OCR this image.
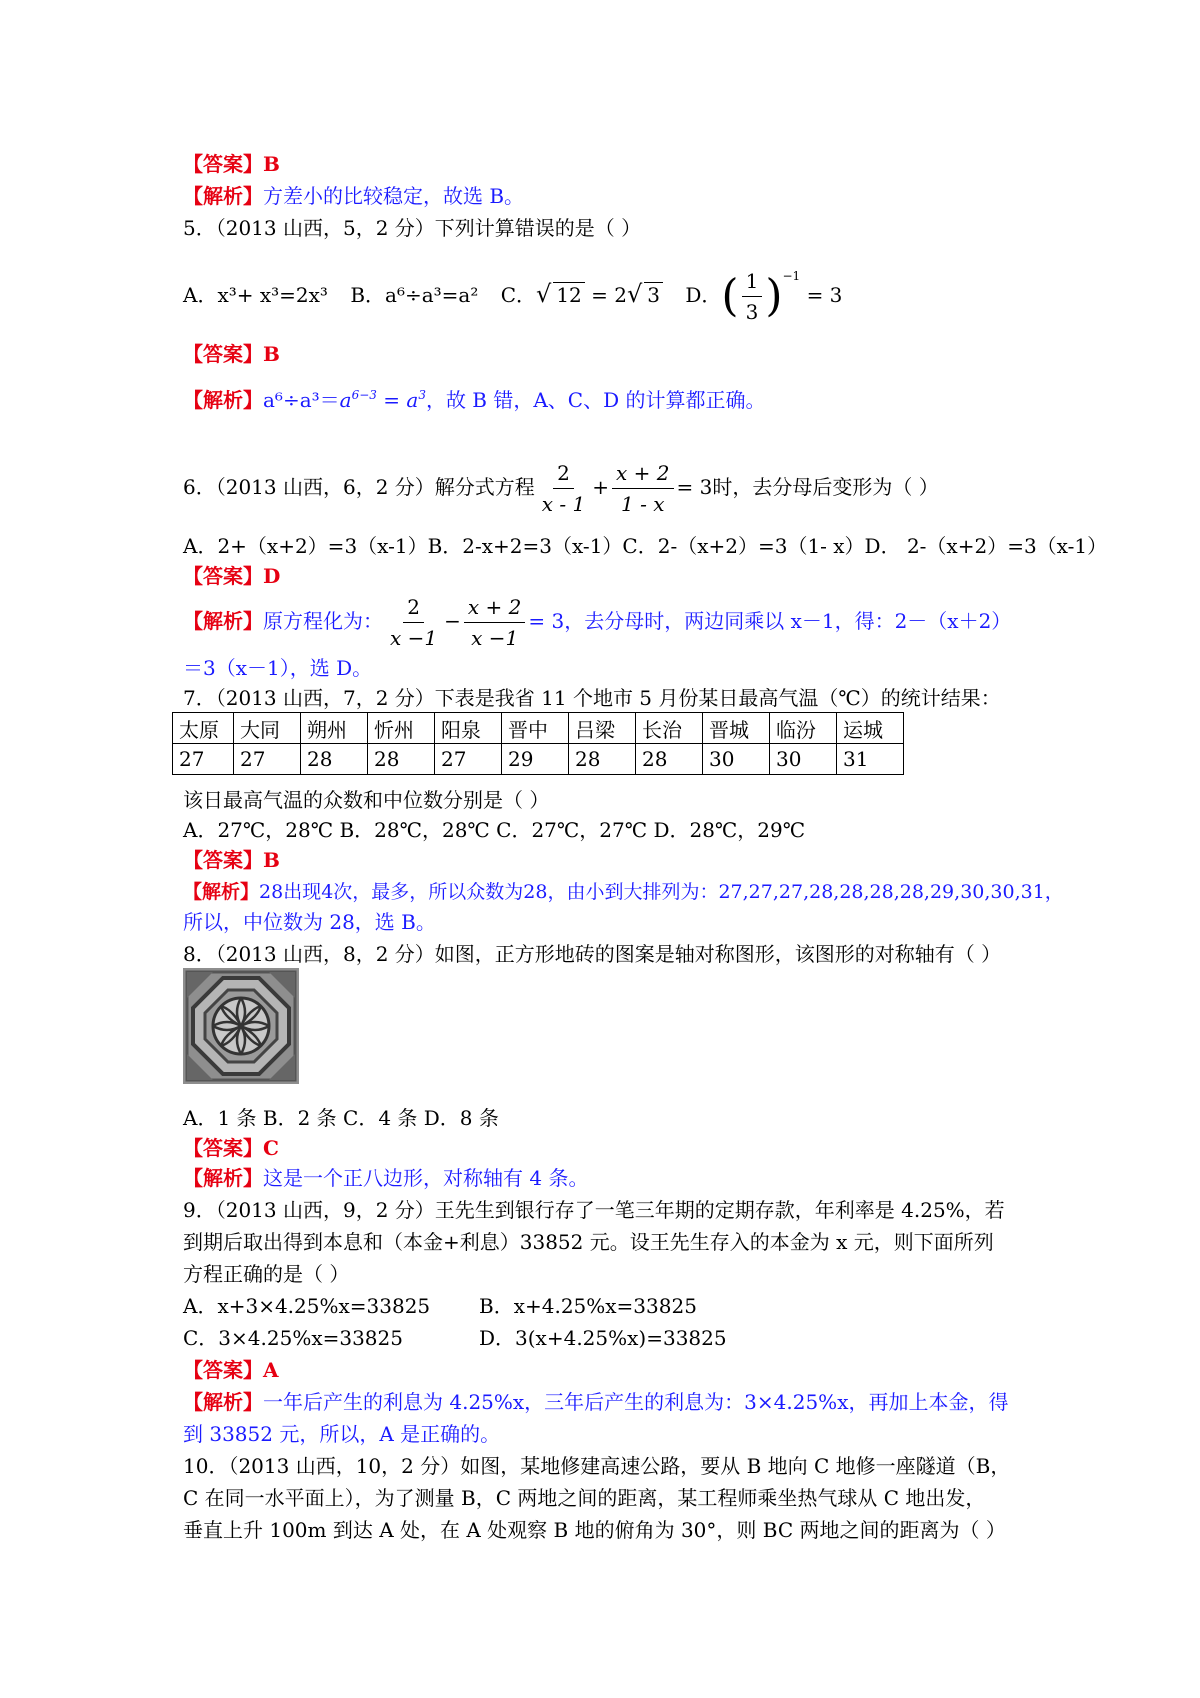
【答案】B
【解析】方差小的比较稳定，故选 B。
5．（2013 山西，5，2 分）下列计算错误的是（ ）
A．x³+ x³=2x³ B．a⁶÷a³=a² C．√ 12 = 2√ 3 D．( $\frac{1}{3} )^{-1} = 3$
【答案】B
【解析】$a^6\div a^3=a^{6-3} = a^3$，故 B 错，A、C、D 的计算都正确。
6．（2013 山西，6，2 分）解分式方程 $\frac{2}{x - 1} + \frac{x + 2}{1 - x} = 3$时，去分母后变形为（ ）
A．2+（x+2）=3（x-1）B．2-x+2=3（x-1）C．2-（x+2）=3（1- x）D． 2-（x+2）=3（x-1）
【答案】D
【解析】原方程化为： $\frac{2}{x -1} - \frac{x + 2}{x -1} = 3$，去分母时，两边同乘以 x－1，得：2－（x＋2）
＝3（x－1），选 D。
7．（2013 山西，7，2 分）下表是我省 11 个地市 5 月份某日最高气温（℃）的统计结果：
太原	大同	朔州	忻州	阳泉	晋中	吕梁	长治	晋城	临汾	运城
27	27	28	28	27	29	28	28	30	30	31
该日最高气温的众数和中位数分别是（ ）
A．27℃，28℃ B．28℃，28℃ C．27℃，27℃ D．28℃，29℃
【答案】B
【解析】28出现4次，最多，所以众数为28，由小到大排列为：27,27,27,28,28,28,28,29,30,30,31，
所以，中位数为 28，选 B。
8．（2013 山西，8，2 分）如图，正方形地砖的图案是轴对称图形，该图形的对称轴有（ ）
A．1 条 B．2 条 C．4 条 D．8 条
【答案】C
【解析】这是一个正八边形，对称轴有 4 条。
9．（2013 山西，9，2 分）王先生到银行存了一笔三年期的定期存款，年利率是 4.25%，若
到期后取出得到本息和（本金+利息）33852 元。设王先生存入的本金为 x 元，则下面所列
方程正确的是（ ）
A．x+3×4.25%x=33825 B．x+4.25%x=33825
C．3×4.25%x=33825	D．3(x+4.25%x)=33825
【答案】A
【解析】一年后产生的利息为 4.25%x，三年后产生的利息为：3×4.25%x，再加上本金，得
到 33852 元，所以，A 是正确的。
10．（2013 山西，10，2 分）如图，某地修建高速公路，要从 B 地向 C 地修一座隧道（B，
C 在同一水平面上），为了测量 B，C 两地之间的距离，某工程师乘坐热气球从 C 地出发，
垂直上升 100m 到达 A 处，在 A 处观察 B 地的俯角为 30°，则 BC 两地之间的距离为（ ）
